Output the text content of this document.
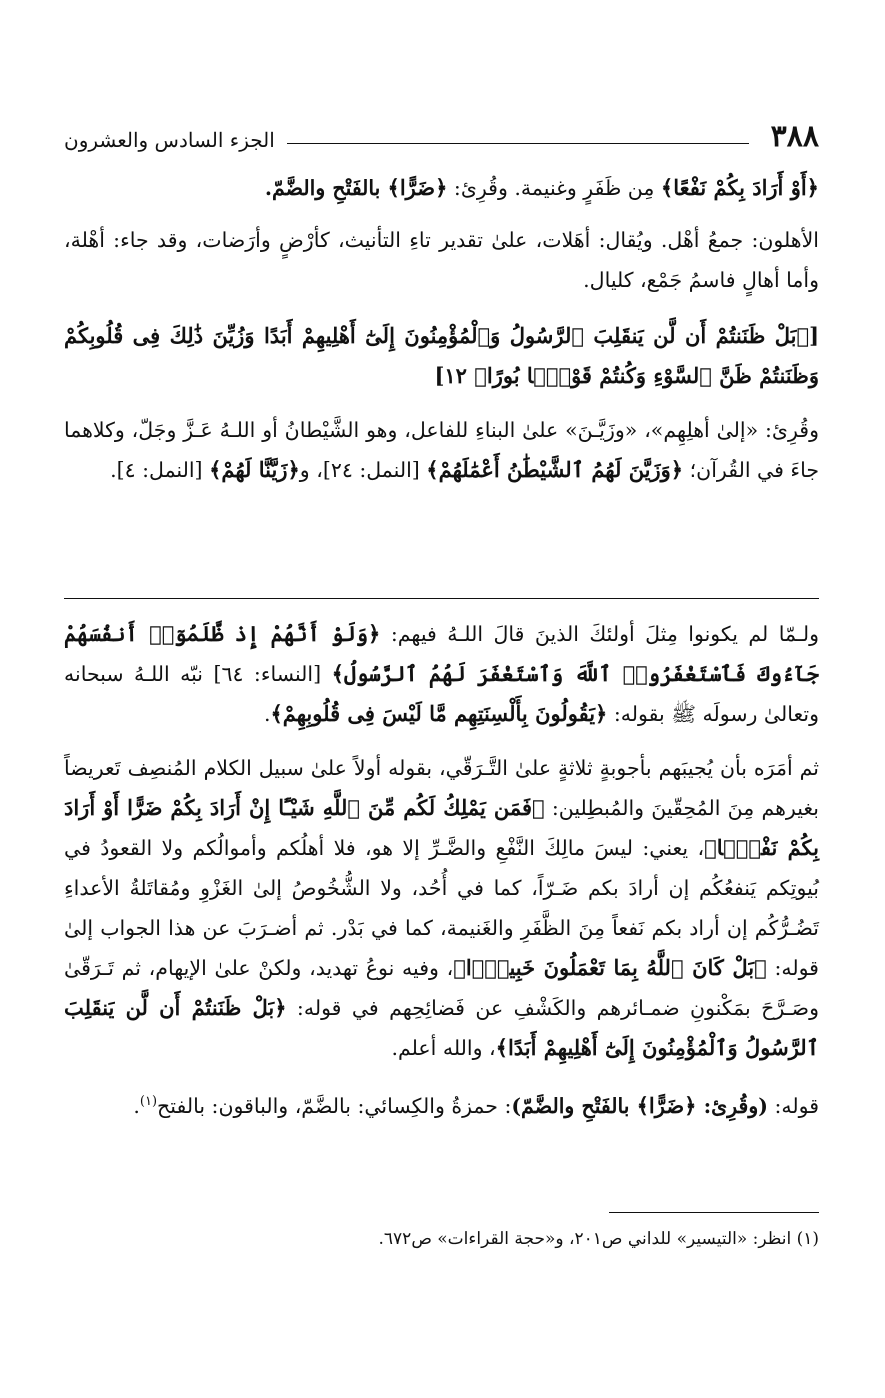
٣٨٨
الجزء السادس والعشرون

﴿أَوْ أَرَادَ بِكُمْ نَفْعًا﴾ مِن ظَفَرٍ وغنيمة. وقُرِئ: ﴿ضَرًّا﴾ بالفَتْحِ والضَّمّ.

الأهلون: جمعُ أهْل. ويُقال: أهَلات، علىٰ تقدير تاءِ التأنيث، كأرْضٍ وأرَضات، وقد جاء: أهْلة، وأما أهالٍ فاسمُ جَمْع، كليال.

[﴿بَلْ ظَنَنتُمْ أَن لَّن يَنقَلِبَ ٱلرَّسُولُ وَٱلْمُؤْمِنُونَ إِلَىٰٓ أَهْلِيهِمْ أَبَدًا وَزُيِّنَ ذَٰلِكَ فِى قُلُوبِكُمْ وَظَنَنتُمْ ظَنَّ ٱلسَّوْءِ وَكُنتُمْ قَوْمًۢا بُورًا﴾ ١٢]

وقُرِئ: «إلىٰ أهلِهِم»، «وزَيَّـنَ» علىٰ البناءِ للفاعل، وهو الشَّيْطانُ أو اللـهُ عَـزَّ وجَلّ، وكلاهما جاءَ في القُرآن؛ ﴿وَزَيَّنَ لَهُمُ ٱلشَّيْطَٰنُ أَعْمَٰلَهُمْ﴾ [النمل: ٢٤]، و﴿زَيَّنَّا لَهُمْ﴾ [النمل: ٤].

ولـمّا لم يكونوا مِثلَ أولئكَ الذينَ قالَ اللـهُ فيهم: ﴿وَلَوْ أَنَّهُمْ إِذ ظَّلَمُوٓا۟ أَنفُسَهُمْ جَآءُوكَ فَٱسْتَغْفَرُوا۟ ٱللَّهَ وَٱسْتَغْفَرَ لَهُمُ ٱلرَّسُولُ﴾ [النساء: ٦٤] نبّه اللـهُ سبحانه وتعالىٰ رسولَه ﷺ بقوله: ﴿يَقُولُونَ بِأَلْسِنَتِهِم مَّا لَيْسَ فِى قُلُوبِهِمْ﴾.

ثم أمَرَه بأن يُجيبَهم بأجوبةٍ ثلاثةٍ علىٰ التَّـرَقّي، بقوله أولاً علىٰ سبيل الكلام المُنصِف تَعريضاً بغيرهم مِنَ المُحِقّينَ والمُبطِلين: ﴿فَمَن يَمْلِكُ لَكُم مِّنَ ٱللَّهِ شَيْـًٔا إِنْ أَرَادَ بِكُمْ ضَرًّا أَوْ أَرَادَ بِكُمْ نَفْعًۢا﴾، يعني: ليسَ مالِكَ النَّفْعِ والضَّـرِّ إلا هو، فلا أهلُكم وأموالُكم ولا القعودُ في بُيوتِكم يَنفعُكُم إن أرادَ بكم ضَـرّاً، كما في أُحُد، ولا الشُّخُوصُ إلىٰ الغَزْوِ ومُقاتَلةُ الأعداءِ تَضُـرُّكُم إن أراد بكم نَفعاً مِنَ الظَّفَرِ والغَنيمة، كما في بَدْر. ثم أضـرَبَ عن هذا الجواب إلىٰ قوله: ﴿بَلْ كَانَ ٱللَّهُ بِمَا تَعْمَلُونَ خَبِيرًۢا﴾، وفيه نوعُ تهديد، ولكنْ علىٰ الإيهام، ثم تَـرَقّىٰ وصَـرَّحَ بمَكْنونِ ضمـائرهم والكَشْفِ عن فَضائِحِهم في قوله: ﴿بَلْ ظَنَنتُمْ أَن لَّن يَنقَلِبَ ٱلرَّسُولُ وَٱلْمُؤْمِنُونَ إِلَىٰٓ أَهْلِيهِمْ أَبَدًا﴾، والله أعلم.

قوله: (وقُرِئ: ﴿ضَرًّا﴾ بالفَتْحِ والضَّمّ): حمزةُ والكِسائي: بالضَّمّ، والباقون: بالفتح$^{(١)}$.

(١) انظر: «التيسير» للداني ص٢٠١، و«حجة القراءات» ص٦٧٢.
